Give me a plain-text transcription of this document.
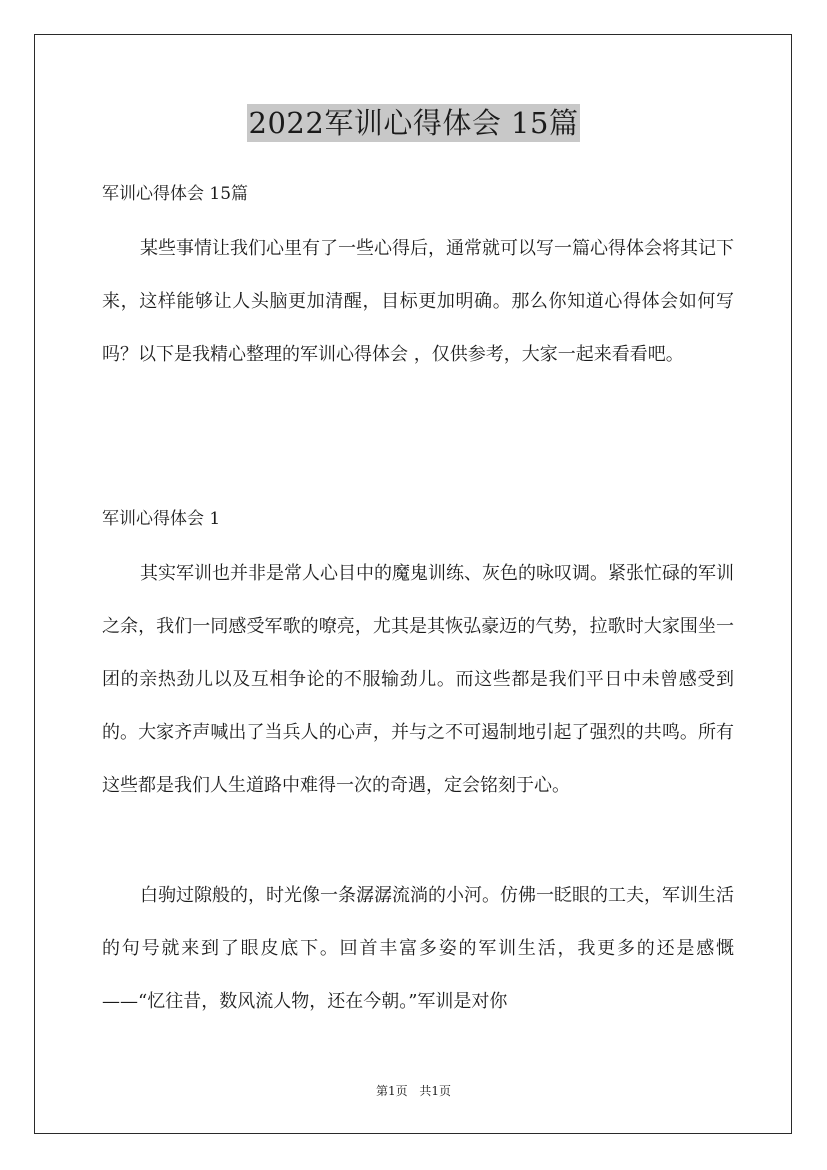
2022军训心得体会 15篇
军训心得体会 15篇

某些事情让我们心里有了一些心得后，通常就可以写一篇心得体会将其记下来，这样能够让人头脑更加清醒，目标更加明确。那么你知道心得体会如何写吗？以下是我精心整理的军训心得体会 ，仅供参考，大家一起来看看吧。

军训心得体会 1

其实军训也并非是常人心目中的魔鬼训练、灰色的咏叹调。紧张忙碌的军训之余，我们一同感受军歌的嘹亮，尤其是其恢弘豪迈的气势，拉歌时大家围坐一团的亲热劲儿以及互相争论的不服输劲儿。而这些都是我们平日中未曾感受到的。大家齐声喊出了当兵人的心声，并与之不可遏制地引起了强烈的共鸣。所有这些都是我们人生道路中难得一次的奇遇，定会铭刻于心。

白驹过隙般的，时光像一条潺潺流淌的小河。仿佛一眨眼的工夫，军训生活的句号就来到了眼皮底下。回首丰富多姿的军训生活，我更多的还是感慨——“忆往昔，数风流人物，还在今朝。”军训是对你

第1页 共1页
